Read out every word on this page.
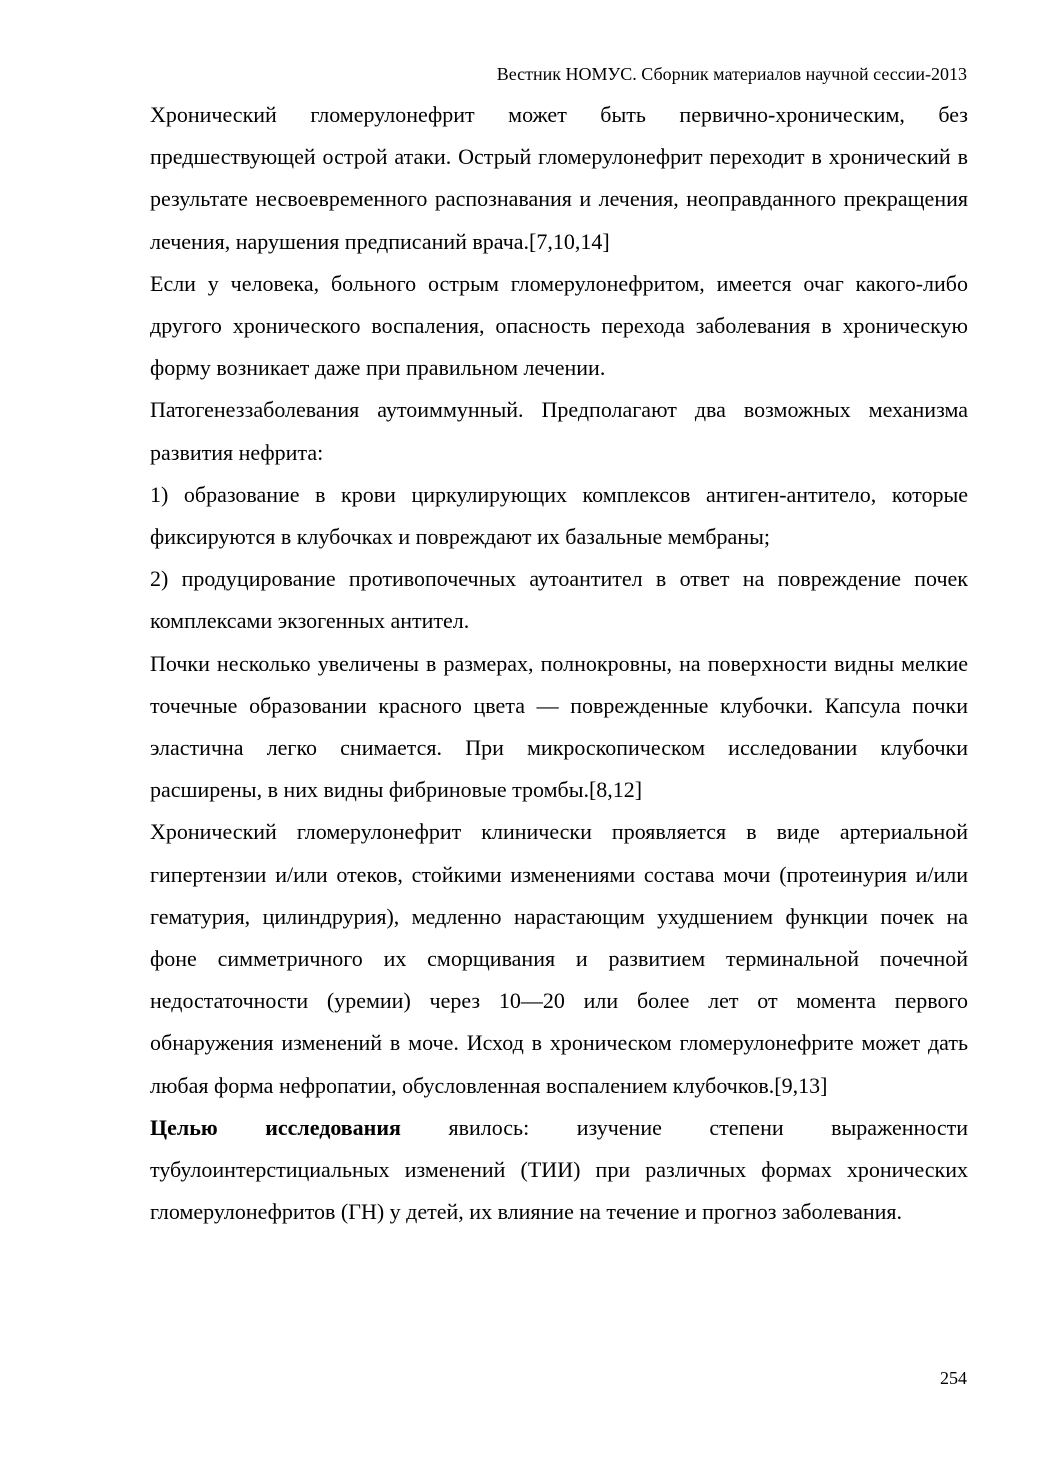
Вестник НОМУС. Сборник материалов научной сессии-2013

Хронический гломерулонефрит может быть первично-хроническим, без предшествующей острой атаки. Острый гломерулонефрит переходит в хронический в результате несвоевременного распознавания и лечения, неоправданного прекращения лечения, нарушения предписаний врача.[7,10,14]

Если у человека, больного острым гломерулонефритом, имеется очаг какого-либо другого хронического воспаления, опасность перехода заболевания в хроническую форму возникает даже при правильном лечении.

Патогенеззаболевания аутоиммунный. Предполагают два возможных механизма развития нефрита:

1) образование в крови циркулирующих комплексов антиген-антитело, которые фиксируются в клубочках и повреждают их базальные мембраны;

2) продуцирование противопочечных аутоантител в ответ на повреждение почек комплексами экзогенных антител.

Почки несколько увеличены в размерах, полнокровны, на поверхности видны мелкие точечные образовании красного цвета — поврежденные клубочки. Капсула почки эластична легко снимается. При микроскопическом исследовании клубочки расширены, в них видны фибриновые тромбы.[8,12]

Хронический гломерулонефрит клинически проявляется в виде артериальной гипертензии и/или отеков, стойкими изменениями состава мочи (протеинурия и/или гематурия, цилиндрурия), медленно нарастающим ухудшением функции почек на фоне симметричного их сморщивания и развитием терминальной почечной недостаточности (уремии) через 10—20 или более лет от момента первого обнаружения изменений в моче. Исход в хроническом гломерулонефрите может дать любая форма нефропатии, обусловленная воспалением клубочков.[9,13]

Целью исследования явилось: изучение степени выраженности тубулоинтерстициальных изменений (ТИИ) при различных формах хронических гломерулонефритов (ГН) у детей, их влияние на течение и прогноз заболевания.

254
